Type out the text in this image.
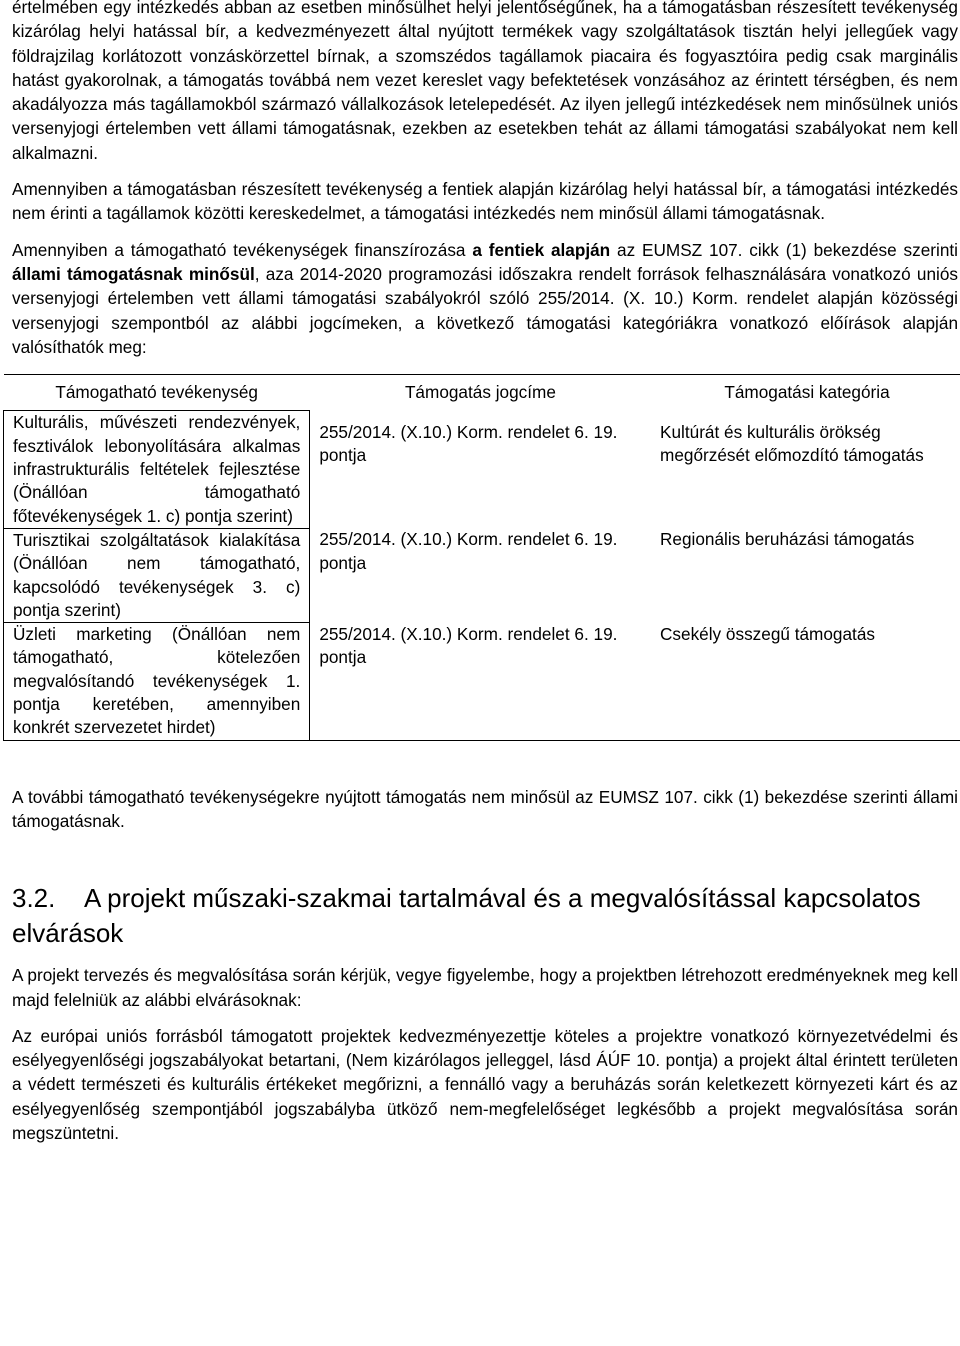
értelmében egy intézkedés abban az esetben minősülhet helyi jelentőségűnek, ha a támogatásban részesített tevékenység kizárólag helyi hatással bír, a kedvezményezett által nyújtott termékek vagy szolgáltatások tisztán helyi jellegűek vagy földrajzilag korlátozott vonzáskörzettel bírnak, a szomszédos tagállamok piacaira és fogyasztóira pedig csak marginális hatást gyakorolnak, a támogatás továbbá nem vezet kereslet vagy befektetések vonzásához az érintett térségben, és nem akadályozza más tagállamokból származó vállalkozások letelepedését. Az ilyen jellegű intézkedések nem minősülnek uniós versenyjogi értelemben vett állami támogatásnak, ezekben az esetekben tehát az állami támogatási szabályokat nem kell alkalmazni.

Amennyiben a támogatásban részesített tevékenység a fentiek alapján kizárólag helyi hatással bír, a támogatási intézkedés nem érinti a tagállamok közötti kereskedelmet, a támogatási intézkedés nem minősül állami támogatásnak.

Amennyiben a támogatható tevékenységek finanszírozása a fentiek alapján az EUMSZ 107. cikk (1) bekezdése szerinti állami támogatásnak minősül, aza 2014-2020 programozási időszakra rendelt források felhasználására vonatkozó uniós versenyjogi értelemben vett állami támogatási szabályokról szóló 255/2014. (X. 10.) Korm. rendelet alapján közösségi versenyjogi szempontból az alábbi jogcímeken, a következő támogatási kategóriákra vonatkozó előírások alapján valósíthatók meg:

Támogatható tevékenység	Támogatás jogcíme	Támogatási kategória
Kulturális, művészeti rendezvények, fesztiválok lebonyolítására alkalmas infrastrukturális feltételek fejlesztése (Önállóan támogatható főtevékenységek 1. c) pontja szerint)	255/2014. (X.10.) Korm. rendelet 6. 19. pontja	Kultúrát és kulturális örökség megőrzését előmozdító támogatás

Turisztikai szolgáltatások kialakítása (Önállóan nem támogatható, kapcsolódó tevékenységek 3. c) pontja szerint)	255/2014. (X.10.) Korm. rendelet 6. 19. pontja	Regionális beruházási támogatás

Üzleti marketing (Önállóan nem támogatható, kötelezően megvalósítandó tevékenységek 1. pontja keretében, amennyiben konkrét szervezetet hirdet)	255/2014. (X.10.) Korm. rendelet 6. 19. pontja	Csekély összegű támogatás

A további támogatható tevékenységekre nyújtott támogatás nem minősül az EUMSZ 107. cikk (1) bekezdése szerinti állami támogatásnak.

3.2. A projekt műszaki-szakmai tartalmával és a megvalósítással kapcsolatos elvárások

A projekt tervezés és megvalósítása során kérjük, vegye figyelembe, hogy a projektben létrehozott eredményeknek meg kell majd felelniük az alábbi elvárásoknak:

Az európai uniós forrásból támogatott projektek kedvezményezettje köteles a projektre vonatkozó környezetvédelmi és esélyegyenlőségi jogszabályokat betartani, (Nem kizárólagos jelleggel, lásd ÁÚF 10. pontja) a projekt által érintett területen a védett természeti és kulturális értékeket megőrizni, a fennálló vagy a beruházás során keletkezett környezeti kárt és az esélyegyenlőség szempontjából jogszabályba ütköző nem-megfelelőséget legkésőbb a projekt megvalósítása során megszüntetni.
